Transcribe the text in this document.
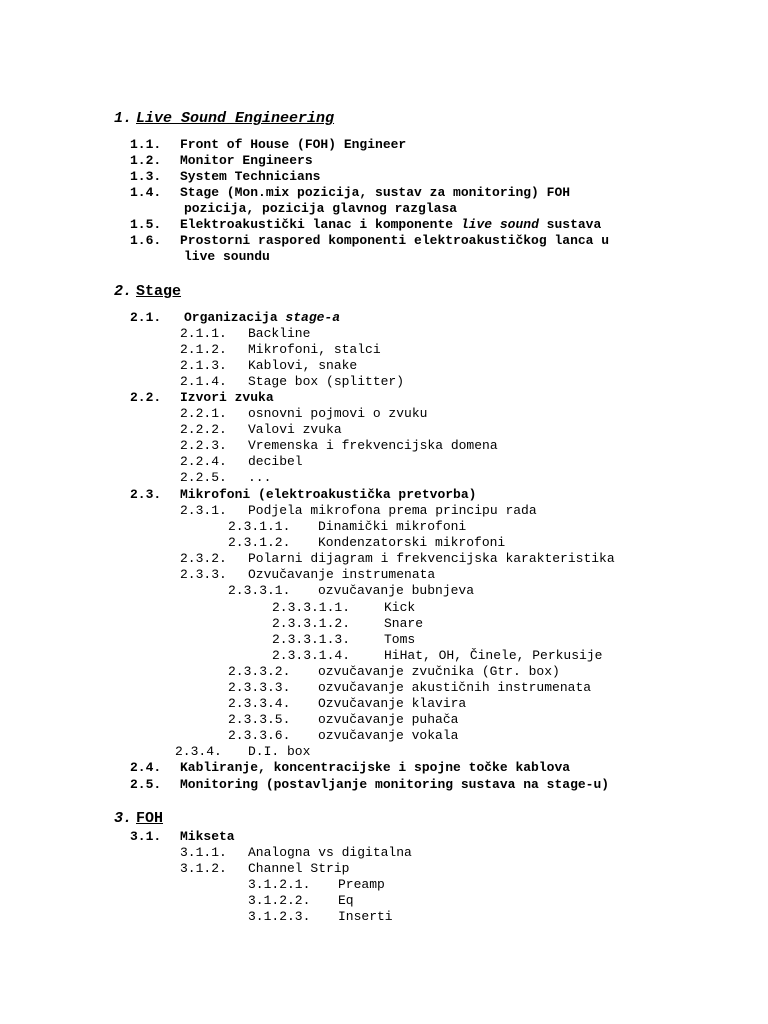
1. Live Sound Engineering
1.1. Front of House (FOH) Engineer
1.2. Monitor Engineers
1.3. System Technicians
1.4. Stage (Mon.mix pozicija, sustav za monitoring) FOH
pozicija, pozicija glavnog razglasa
1.5. Elektroakustički lanac i komponente live sound sustava
1.6. Prostorni raspored komponenti elektroakustičkog lanca u
live soundu
2. Stage
2.1. Organizacija stage-a
2.1.1. Backline
2.1.2. Mikrofoni, stalci
2.1.3. Kablovi, snake
2.1.4. Stage box (splitter)
2.2. Izvori zvuka
2.2.1. osnovni pojmovi o zvuku
2.2.2. Valovi zvuka
2.2.3. Vremenska i frekvencijska domena
2.2.4. decibel
2.2.5. ...
2.3. Mikrofoni (elektroakustička pretvorba)
2.3.1. Podjela mikrofona prema principu rada
2.3.1.1. Dinamički mikrofoni
2.3.1.2. Kondenzatorski mikrofoni
2.3.2. Polarni dijagram i frekvencijska karakteristika
2.3.3. Ozvučavanje instrumenata
2.3.3.1. ozvučavanje bubnjeva
2.3.3.1.1.	Kick
2.3.3.1.2.	Snare
2.3.3.1.3.	Toms
2.3.3.1.4.	HiHat, OH, Činele, Perkusije
2.3.3.2. ozvučavanje zvučnika (Gtr. box)
2.3.3.3. ozvučavanje akustičnih instrumenata
2.3.3.4. Ozvučavanje klavira
2.3.3.5. ozvučavanje puhača
2.3.3.6. ozvučavanje vokala
2.3.4. D.I. box
2.4. Kabliranje, koncentracijske i spojne točke kablova
2.5. Monitoring (postavljanje monitoring sustava na stage-u)
3. FOH
3.1. Mikseta
3.1.1. Analogna vs digitalna
3.1.2. Channel Strip
3.1.2.1. Preamp
3.1.2.2. Eq
3.1.2.3. Inserti
